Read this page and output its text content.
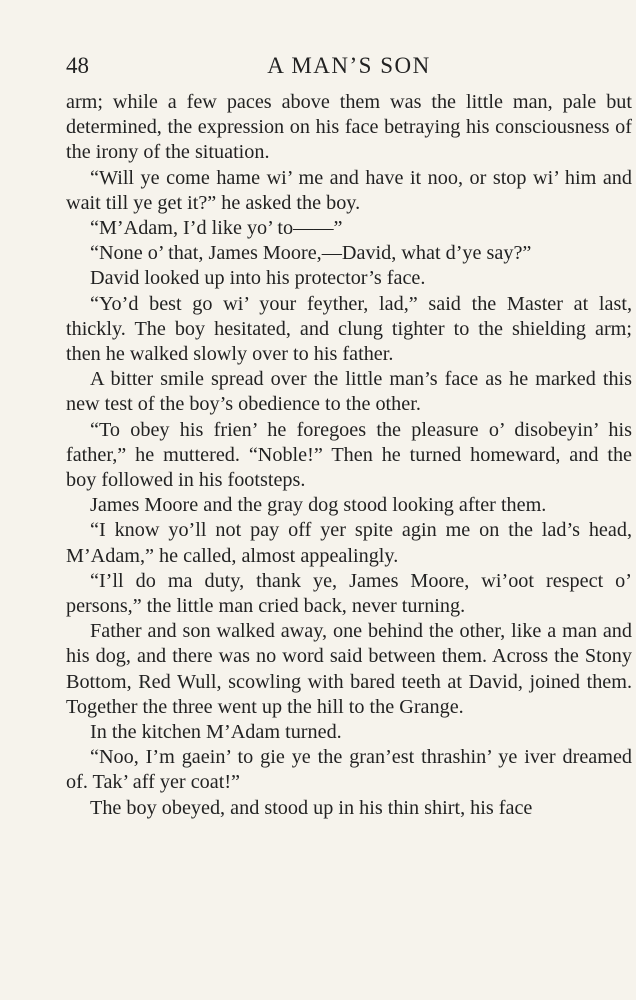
48	A MAN’S SON

arm; while a few paces above them was the little man, pale but determined, the expression on his face betraying his consciousness of the irony of the situation.

“Will ye come hame wi’ me and have it noo, or stop wi’ him and wait till ye get it?” he asked the boy.

“M’Adam, I’d like yo’ to——”

“None o’ that, James Moore,—David, what d’ye say?”

David looked up into his protector’s face.

“Yo’d best go wi’ your feyther, lad,” said the Master at last, thickly. The boy hesitated, and clung tighter to the shielding arm; then he walked slowly over to his father.

A bitter smile spread over the little man’s face as he marked this new test of the boy’s obedience to the other.

“To obey his frien’ he foregoes the pleasure o’ disobeyin’ his father,” he muttered. “Noble!” Then he turned homeward, and the boy followed in his footsteps.

James Moore and the gray dog stood looking after them.

“I know yo’ll not pay off yer spite agin me on the lad’s head, M’Adam,” he called, almost appealingly.

“I’ll do ma duty, thank ye, James Moore, wi’oot respect o’ persons,” the little man cried back, never turning.

Father and son walked away, one behind the other, like a man and his dog, and there was no word said between them. Across the Stony Bottom, Red Wull, scowling with bared teeth at David, joined them. Together the three went up the hill to the Grange.

In the kitchen M’Adam turned.

“Noo, I’m gaein’ to gie ye the gran’est thrashin’ ye iver dreamed of. Tak’ aff yer coat!”

The boy obeyed, and stood up in his thin shirt, his face
